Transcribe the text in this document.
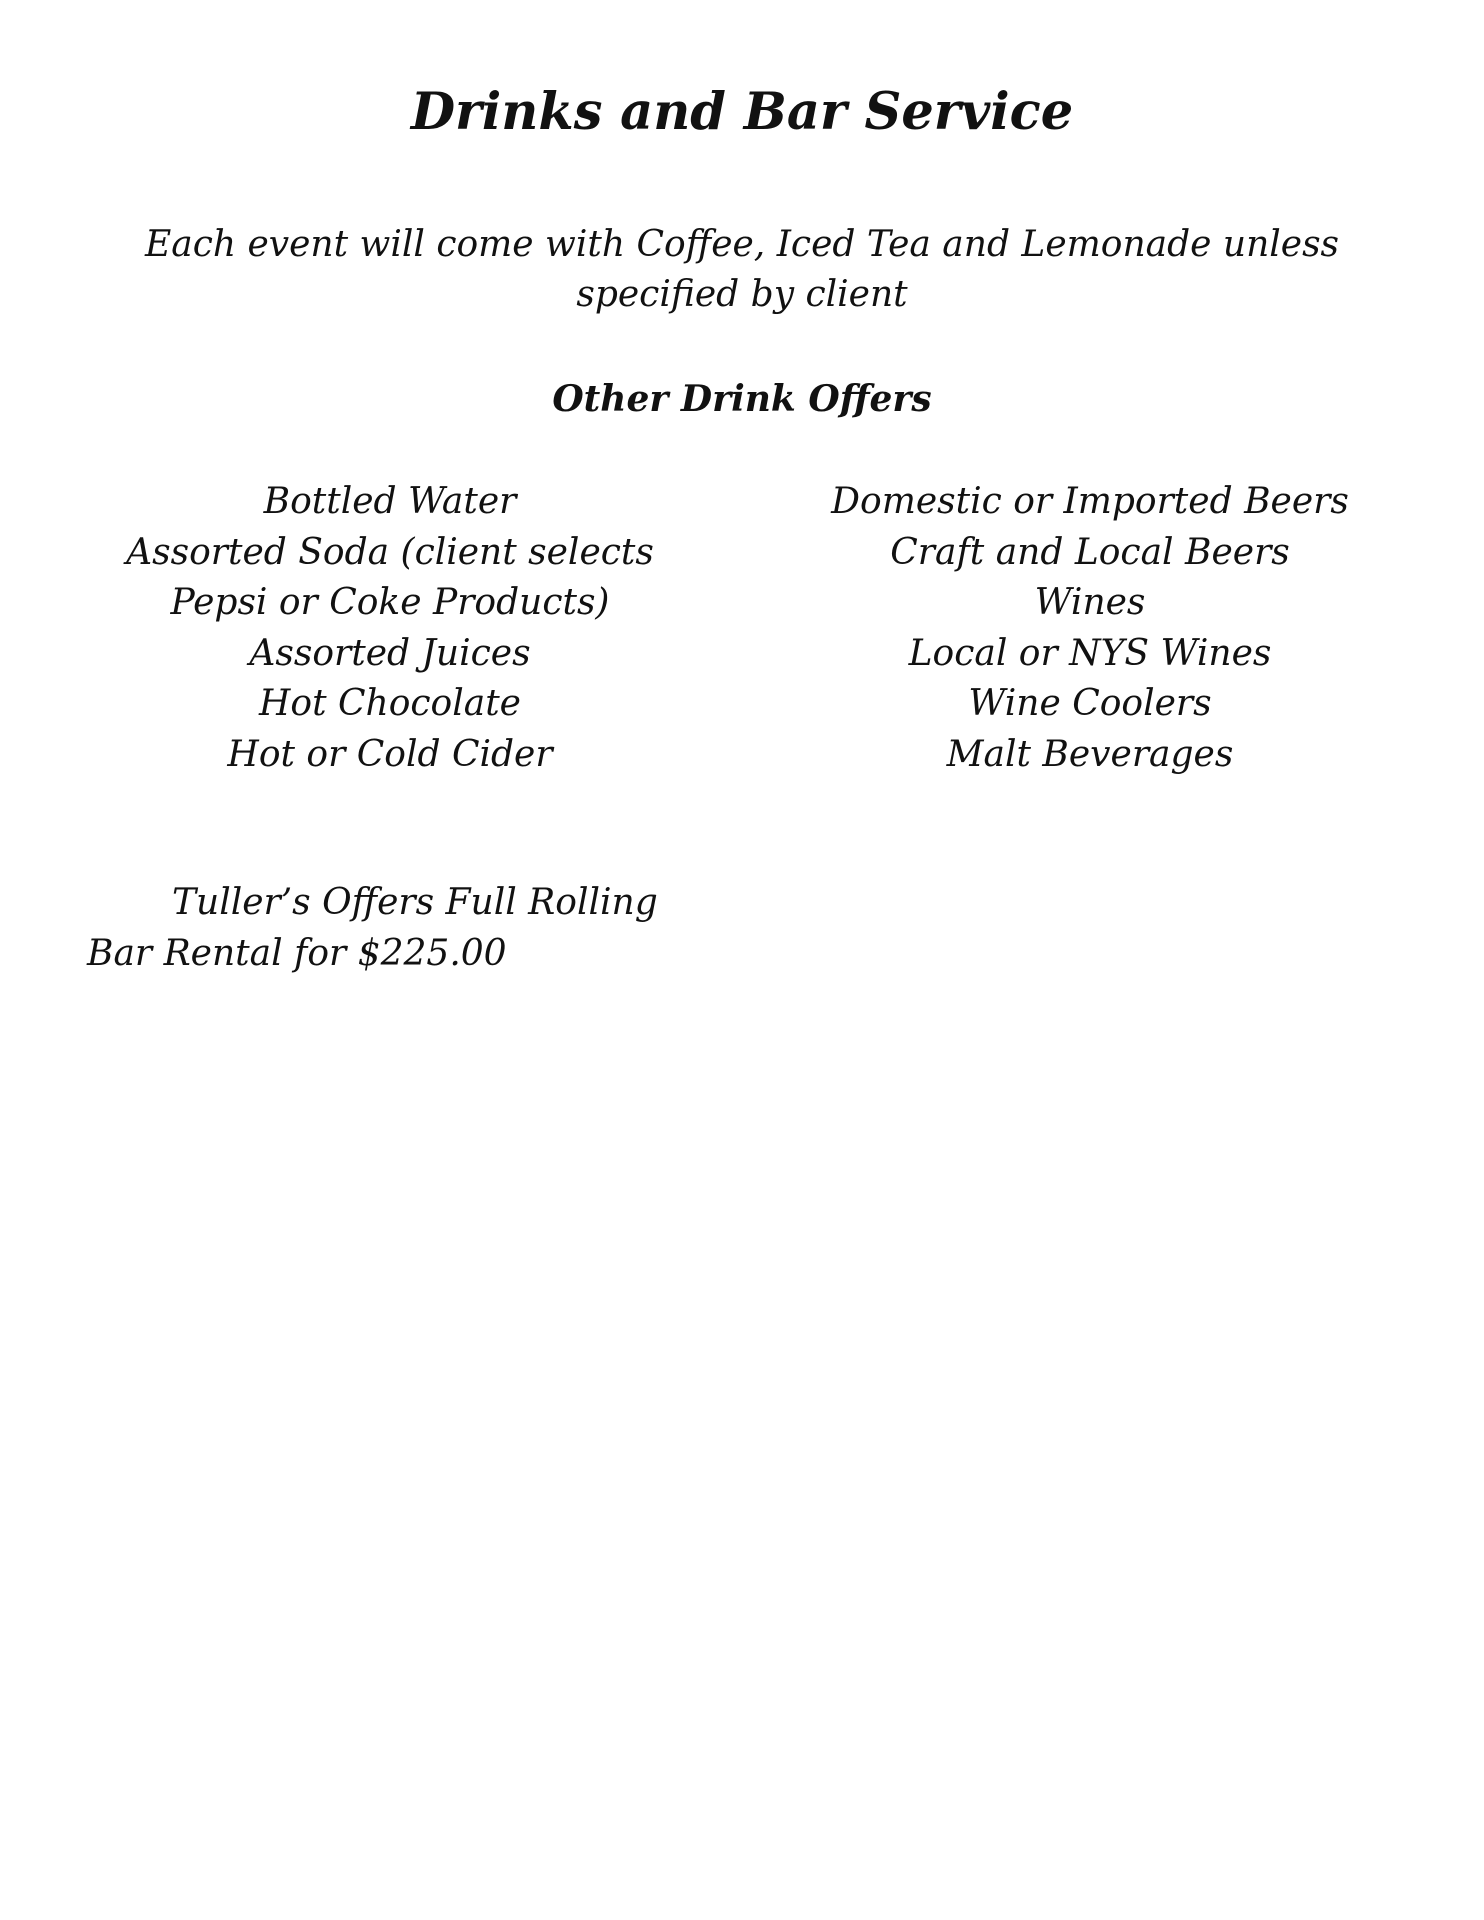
Drinks and Bar Service

Each event will come with Coffee, Iced Tea and Lemonade unless specified by client

Other Drink Offers
Bottled Water
Assorted Soda (client selects Pepsi or Coke Products)
Assorted Juices
Hot Chocolate
Hot or Cold Cider
Domestic or Imported Beers
Craft and Local Beers
Wines
Local or NYS Wines
Wine Coolers
Malt Beverages
Tuller’s Offers Full Rolling
Bar Rental for $225.00
